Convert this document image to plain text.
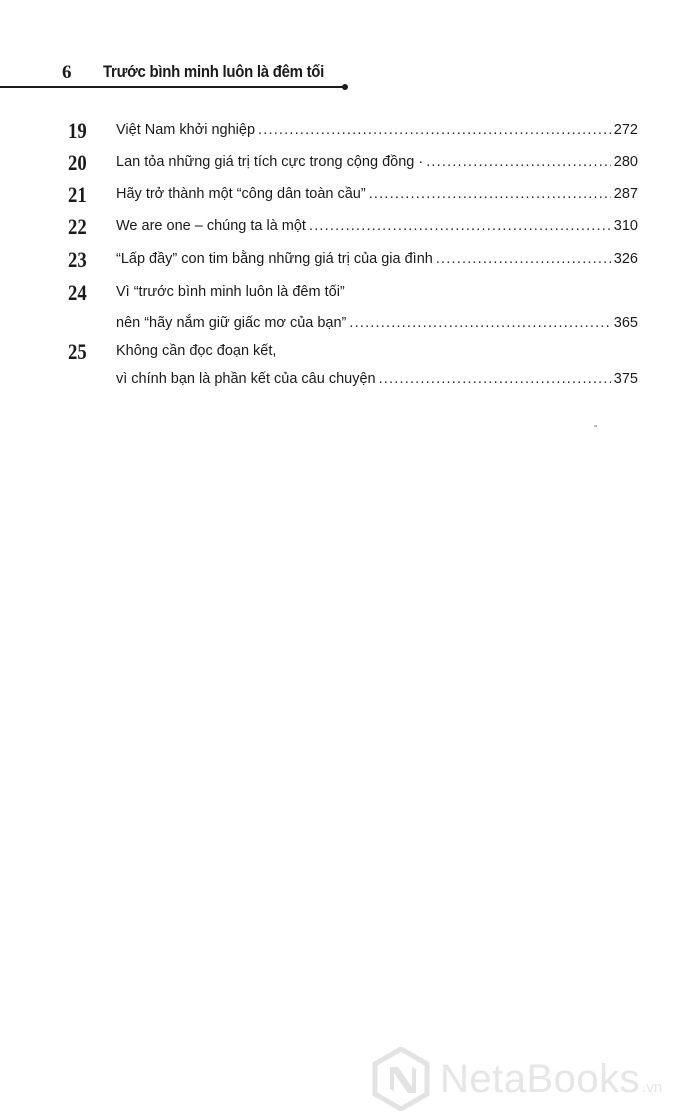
6 Trước bình minh luôn là đêm tối
19 Việt Nam khởi nghiệp .....	272
20 Lan tỏa những giá trị tích cực trong cộng đồng · .....	280
21 Hãy trở thành một “công dân toàn cầu” .....	287
22 We are one – chúng ta là một .....	310
23 “Lấp đầy” con tim bằng những giá trị của gia đình .....	326
24 Vì “trước bình minh luôn là đêm tối”
nên “hãy nắm giữ giấc mơ của bạn” .....	365
25 Không cần đọc đoạn kết,
vì chính bạn là phần kết của câu chuyện .....	375
NetaBooks .vn
